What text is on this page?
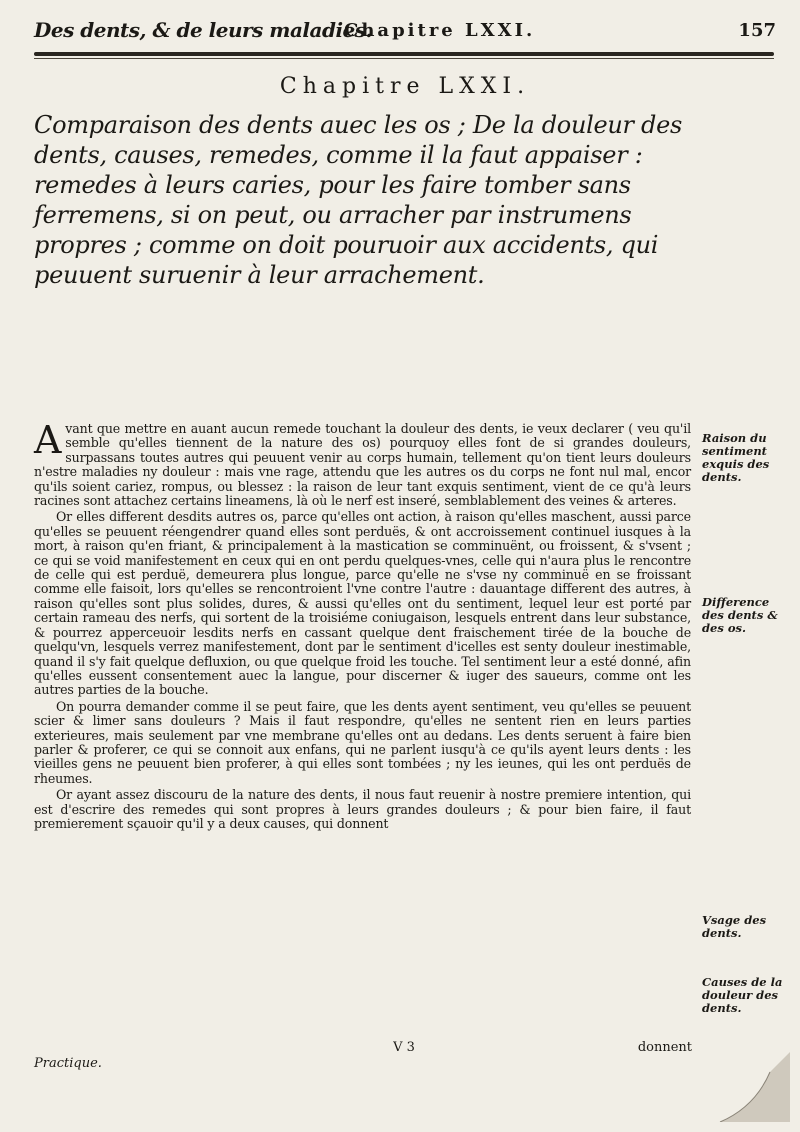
Des dents, & de leurs maladies.
Chapitre LXXI.	157
Chapitre LXXI.
Comparaison des dents auec les os ; De la douleur des dents, causes, remedes, comme il la faut appaiser : remedes à leurs caries, pour les faire tomber sans ferremens, si on peut, ou arracher par instrumens propres ; comme on doit pouruoir aux accidents, qui peuuent suruenir à leur arrachement.

Avant que mettre en auant aucun remede touchant la douleur des dents, ie veux declarer ( veu qu'il semble qu'elles tiennent de la nature des os) pourquoy elles font de si grandes douleurs, surpassans toutes autres qui peuuent venir au corps humain, tellement qu'on tient leurs douleurs n'estre maladies ny douleur : mais vne rage, attendu que les autres os du corps ne font nul mal, encor qu'ils soient cariez, rompus, ou blessez : la raison de leur tant exquis sentiment, vient de ce qu'à leurs racines sont attachez certains lineamens, là où le nerf est inseré, semblablement des veines & arteres.

Or elles different desdits autres os, parce qu'elles ont action, à raison qu'elles maschent, aussi parce qu'elles se peuuent réengendrer quand elles sont perduës, & ont accroissement continuel iusques à la mort, à raison qu'en friant, & principalement à la mastication se comminuënt, ou froissent, & s'vsent ; ce qui se void manifestement en ceux qui en ont perdu quelques-vnes, celle qui n'aura plus le rencontre de celle qui est perduë, demeurera plus longue, parce qu'elle ne s'vse ny comminuë en se froissant comme elle faisoit, lors qu'elles se rencontroient l'vne contre l'autre : dauantage different des autres, à raison qu'elles sont plus solides, dures, & aussi qu'elles ont du sentiment, lequel leur est porté par certain rameau des nerfs, qui sortent de la troisiéme coniugaison, lesquels entrent dans leur substance, & pourrez apperceuoir lesdits nerfs en cassant quelque dent fraischement tirée de la bouche de quelqu'vn, lesquels verrez manifestement, dont par le sentiment d'icelles est senty douleur inestimable, quand il s'y fait quelque defluxion, ou que quelque froid les touche. Tel sentiment leur a esté donné, afin qu'elles eussent consentement auec la langue, pour discerner & iuger des saueurs, comme ont les autres parties de la bouche.

On pourra demander comme il se peut faire, que les dents ayent sentiment, veu qu'elles se peuuent scier & limer sans douleurs ? Mais il faut respondre, qu'elles ne sentent rien en leurs parties exterieures, mais seulement par vne membrane qu'elles ont au dedans. Les dents seruent à faire bien parler & proferer, ce qui se connoit aux enfans, qui ne parlent iusqu'à ce qu'ils ayent leurs dents : les vieilles gens ne peuuent bien proferer, à qui elles sont tombées ; ny les ieunes, qui les ont perduës de rheumes.

Or ayant assez discouru de la nature des dents, il nous faut reuenir à nostre premiere intention, qui est d'escrire des remedes qui sont propres à leurs grandes douleurs ; & pour bien faire, il faut premierement sçauoir qu'il y a deux causes, qui donnent

V 3	donnent
Practique.
Raison du sentiment exquis des dents.
Difference des dents & des os.
Vsage des dents.
Causes de la douleur des dents.
